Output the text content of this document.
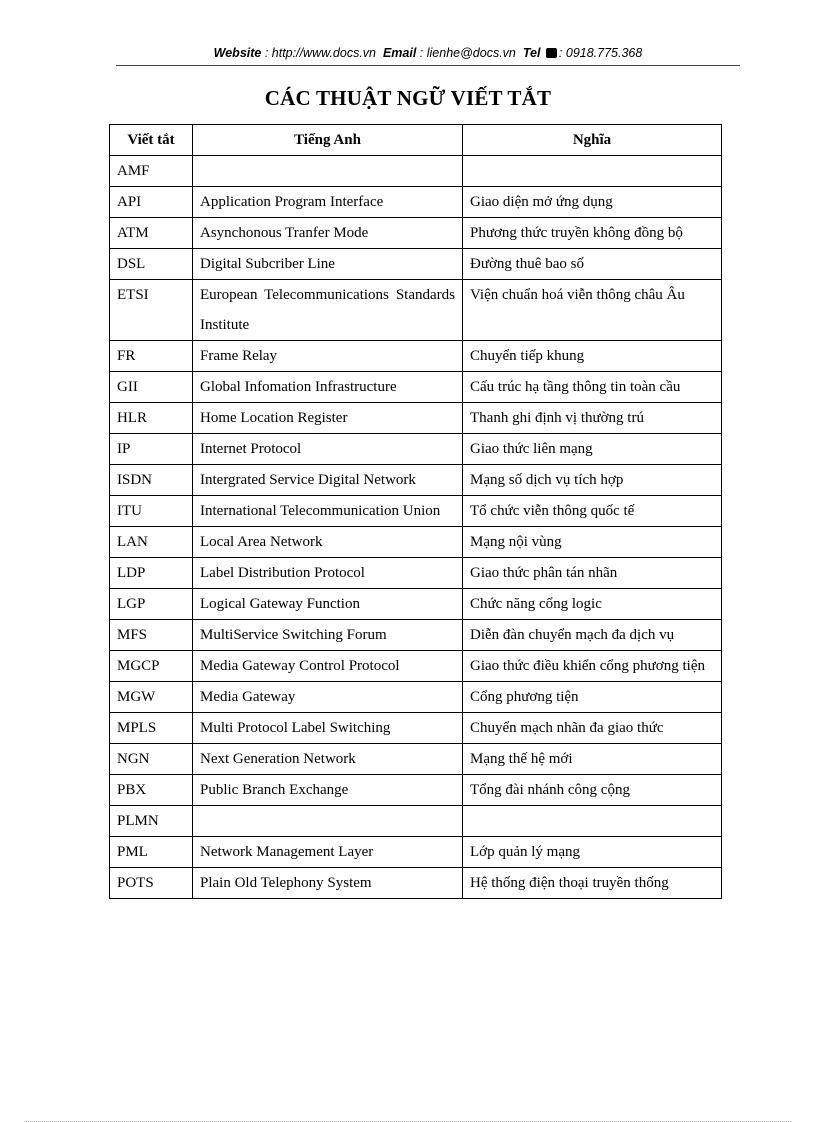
Website : http://www.docs.vn Email : lienhe@docs.vn Tel : 0918.775.368
CÁC THUẬT NGỮ VIẾT TẮT
Viết tắt	Tiếng Anh	Nghĩa
AMF		
API	Application Program Interface	Giao diện mở ứng dụng
ATM	Asynchonous Tranfer Mode	Phương thức truyền không đồng bộ
DSL	Digital Subcriber Line	Đường thuê bao số
ETSI	European Telecommunications Standards Institute	Viện chuẩn hoá viễn thông châu Âu
FR	Frame Relay	Chuyển tiếp khung
GII	Global Infomation Infrastructure	Cấu trúc hạ tầng thông tin toàn cầu
HLR	Home Location Register	Thanh ghi định vị thường trú
IP	Internet Protocol	Giao thức liên mạng
ISDN	Intergrated Service Digital Network	Mạng số dịch vụ tích hợp
ITU	International Telecommunication Union	Tổ chức viễn thông quốc tế
LAN	Local Area Network	Mạng nội vùng
LDP	Label Distribution Protocol	Giao thức phân tán nhãn
LGP	Logical Gateway Function	Chức năng cổng logic
MFS	MultiService Switching Forum	Diễn đàn chuyển mạch đa dịch vụ
MGCP	Media Gateway Control Protocol	Giao thức điều khiển cổng phương tiện
MGW	Media Gateway	Cổng phương tiện
MPLS	Multi Protocol Label Switching	Chuyển mạch nhãn đa giao thức
NGN	Next Generation Network	Mạng thế hệ mới
PBX	Public Branch Exchange	Tổng đài nhánh công cộng
PLMN		
PML	Network Management Layer	Lớp quản lý mạng
POTS	Plain Old Telephony System	Hệ thống điện thoại truyền thống
